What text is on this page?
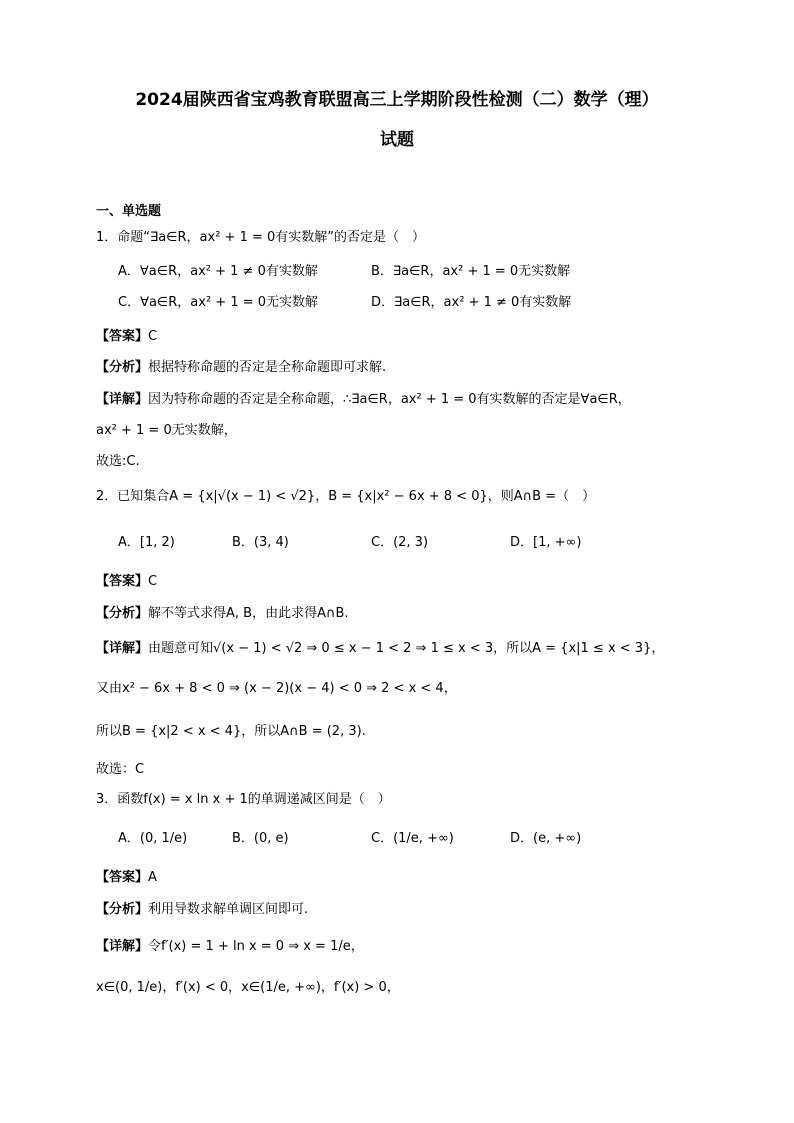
2024届陕西省宝鸡教育联盟高三上学期阶段性检测（二）数学（理）
试题
一、单选题
1．命题“∃a∈R，ax² + 1 = 0有实数解”的否定是（　）
A．∀a∈R，ax² + 1 ≠ 0有实数解	B．∃a∈R，ax² + 1 = 0无实数解
C．∀a∈R，ax² + 1 = 0无实数解	D．∃a∈R，ax² + 1 ≠ 0有实数解
【答案】C
【分析】根据特称命题的否定是全称命题即可求解.
【详解】因为特称命题的否定是全称命题，∴∃a∈R，ax² + 1 = 0有实数解的否定是∀a∈R，
ax² + 1 = 0无实数解，
故选:C.
2．已知集合A = {x|√(x − 1) < √2}，B = {x|x² − 6x + 8 < 0}，则A∩B =（　）
A．[1, 2)	B．(3, 4)	C．(2, 3)	D．[1, +∞)
【答案】C
【分析】解不等式求得A, B，由此求得A∩B.
【详解】由题意可知√(x − 1) < √2 ⇒ 0 ≤ x − 1 < 2 ⇒ 1 ≤ x < 3，所以A = {x|1 ≤ x < 3}，
又由x² − 6x + 8 < 0 ⇒ (x − 2)(x − 4) < 0 ⇒ 2 < x < 4，
所以B = {x|2 < x < 4}，所以A∩B = (2, 3).
故选：C
3．函数f(x) = x ln x + 1的单调递减区间是（　）
A．(0, 1/e)	B．(0, e)	C．(1/e, +∞)	D．(e, +∞)
【答案】A
【分析】利用导数求解单调区间即可.
【详解】令f′(x) = 1 + ln x = 0 ⇒ x = 1/e，
x∈(0, 1/e)，f′(x) < 0，x∈(1/e, +∞)，f′(x) > 0，
